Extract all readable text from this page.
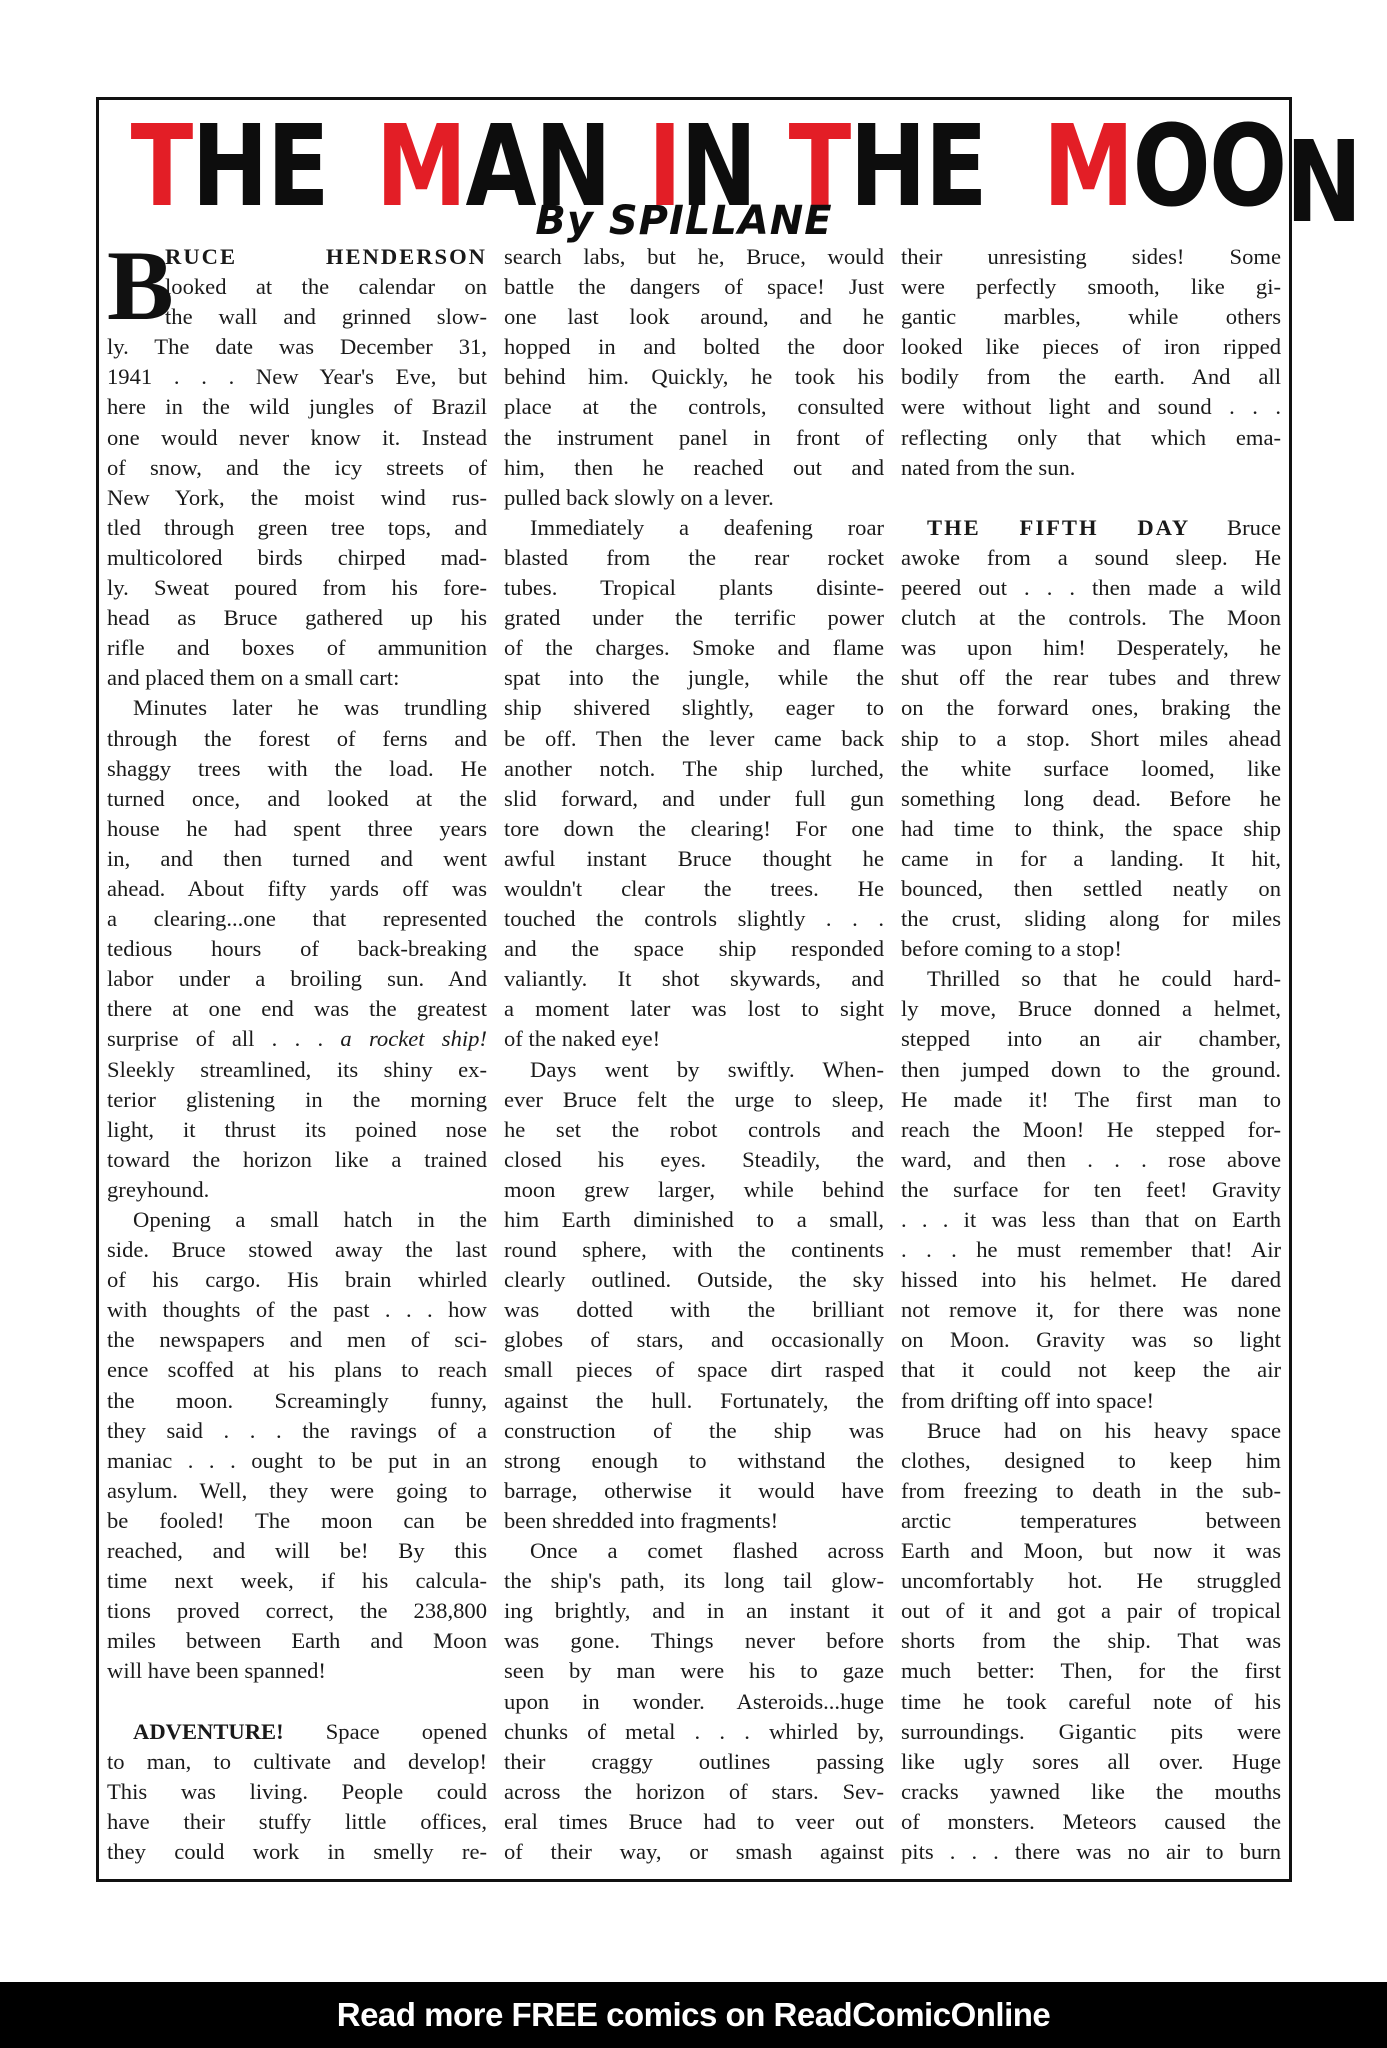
T H E M A N I N T H E M O O N
By SPILLANE
B
RUCE HENDERSON
looked at the calendar on
the wall and grinned slow-
ly. The date was December 31,
1941 . . . New Year's Eve, but
here in the wild jungles of Brazil
one would never know it. Instead
of snow, and the icy streets of
New York, the moist wind rus-
tled through green tree tops, and
multicolored birds chirped mad-
ly. Sweat poured from his fore-
head as Bruce gathered up his
rifle and boxes of ammunition
and placed them on a small cart:
Minutes later he was trundling
through the forest of ferns and
shaggy trees with the load. He
turned once, and looked at the
house he had spent three years
in, and then turned and went
ahead. About fifty yards off was
a clearing...one that represented
tedious hours of back-breaking
labor under a broiling sun. And
there at one end was the greatest
surprise of all . . . a rocket ship!
Sleekly streamlined, its shiny ex-
terior glistening in the morning
light, it thrust its poined nose
toward the horizon like a trained
greyhound.
Opening a small hatch in the
side. Bruce stowed away the last
of his cargo. His brain whirled
with thoughts of the past . . . how
the newspapers and men of sci-
ence scoffed at his plans to reach
the moon. Screamingly funny,
they said . . . the ravings of a
maniac . . . ought to be put in an
asylum. Well, they were going to
be fooled! The moon can be
reached, and will be! By this
time next week, if his calcula-
tions proved correct, the 238,800
miles between Earth and Moon
will have been spanned!
ADVENTURE! Space opened
to man, to cultivate and develop!
This was living. People could
have their stuffy little offices,
they could work in smelly re-
search labs, but he, Bruce, would
battle the dangers of space! Just
one last look around, and he
hopped in and bolted the door
behind him. Quickly, he took his
place at the controls, consulted
the instrument panel in front of
him, then he reached out and
pulled back slowly on a lever.
Immediately a deafening roar
blasted from the rear rocket
tubes. Tropical plants disinte-
grated under the terrific power
of the charges. Smoke and flame
spat into the jungle, while the
ship shivered slightly, eager to
be off. Then the lever came back
another notch. The ship lurched,
slid forward, and under full gun
tore down the clearing! For one
awful instant Bruce thought he
wouldn't clear the trees. He
touched the controls slightly . . .
and the space ship responded
valiantly. It shot skywards, and
a moment later was lost to sight
of the naked eye!
Days went by swiftly. When-
ever Bruce felt the urge to sleep,
he set the robot controls and
closed his eyes. Steadily, the
moon grew larger, while behind
him Earth diminished to a small,
round sphere, with the continents
clearly outlined. Outside, the sky
was dotted with the brilliant
globes of stars, and occasionally
small pieces of space dirt rasped
against the hull. Fortunately, the
construction of the ship was
strong enough to withstand the
barrage, otherwise it would have
been shredded into fragments!
Once a comet flashed across
the ship's path, its long tail glow-
ing brightly, and in an instant it
was gone. Things never before
seen by man were his to gaze
upon in wonder. Asteroids...huge
chunks of metal . . . whirled by,
their craggy outlines passing
across the horizon of stars. Sev-
eral times Bruce had to veer out
of their way, or smash against
their unresisting sides! Some
were perfectly smooth, like gi-
gantic marbles, while others
looked like pieces of iron ripped
bodily from the earth. And all
were without light and sound . . .
reflecting only that which ema-
nated from the sun.
THE FIFTH DAY Bruce
awoke from a sound sleep. He
peered out . . . then made a wild
clutch at the controls. The Moon
was upon him! Desperately, he
shut off the rear tubes and threw
on the forward ones, braking the
ship to a stop. Short miles ahead
the white surface loomed, like
something long dead. Before he
had time to think, the space ship
came in for a landing. It hit,
bounced, then settled neatly on
the crust, sliding along for miles
before coming to a stop!
Thrilled so that he could hard-
ly move, Bruce donned a helmet,
stepped into an air chamber,
then jumped down to the ground.
He made it! The first man to
reach the Moon! He stepped for-
ward, and then . . . rose above
the surface for ten feet! Gravity
. . . it was less than that on Earth
. . . he must remember that! Air
hissed into his helmet. He dared
not remove it, for there was none
on Moon. Gravity was so light
that it could not keep the air
from drifting off into space!
Bruce had on his heavy space
clothes, designed to keep him
from freezing to death in the sub-
arctic temperatures between
Earth and Moon, but now it was
uncomfortably hot. He struggled
out of it and got a pair of tropical
shorts from the ship. That was
much better: Then, for the first
time he took careful note of his
surroundings. Gigantic pits were
like ugly sores all over. Huge
cracks yawned like the mouths
of monsters. Meteors caused the
pits . . . there was no air to burn
Read more FREE comics on ReadComicOnline
